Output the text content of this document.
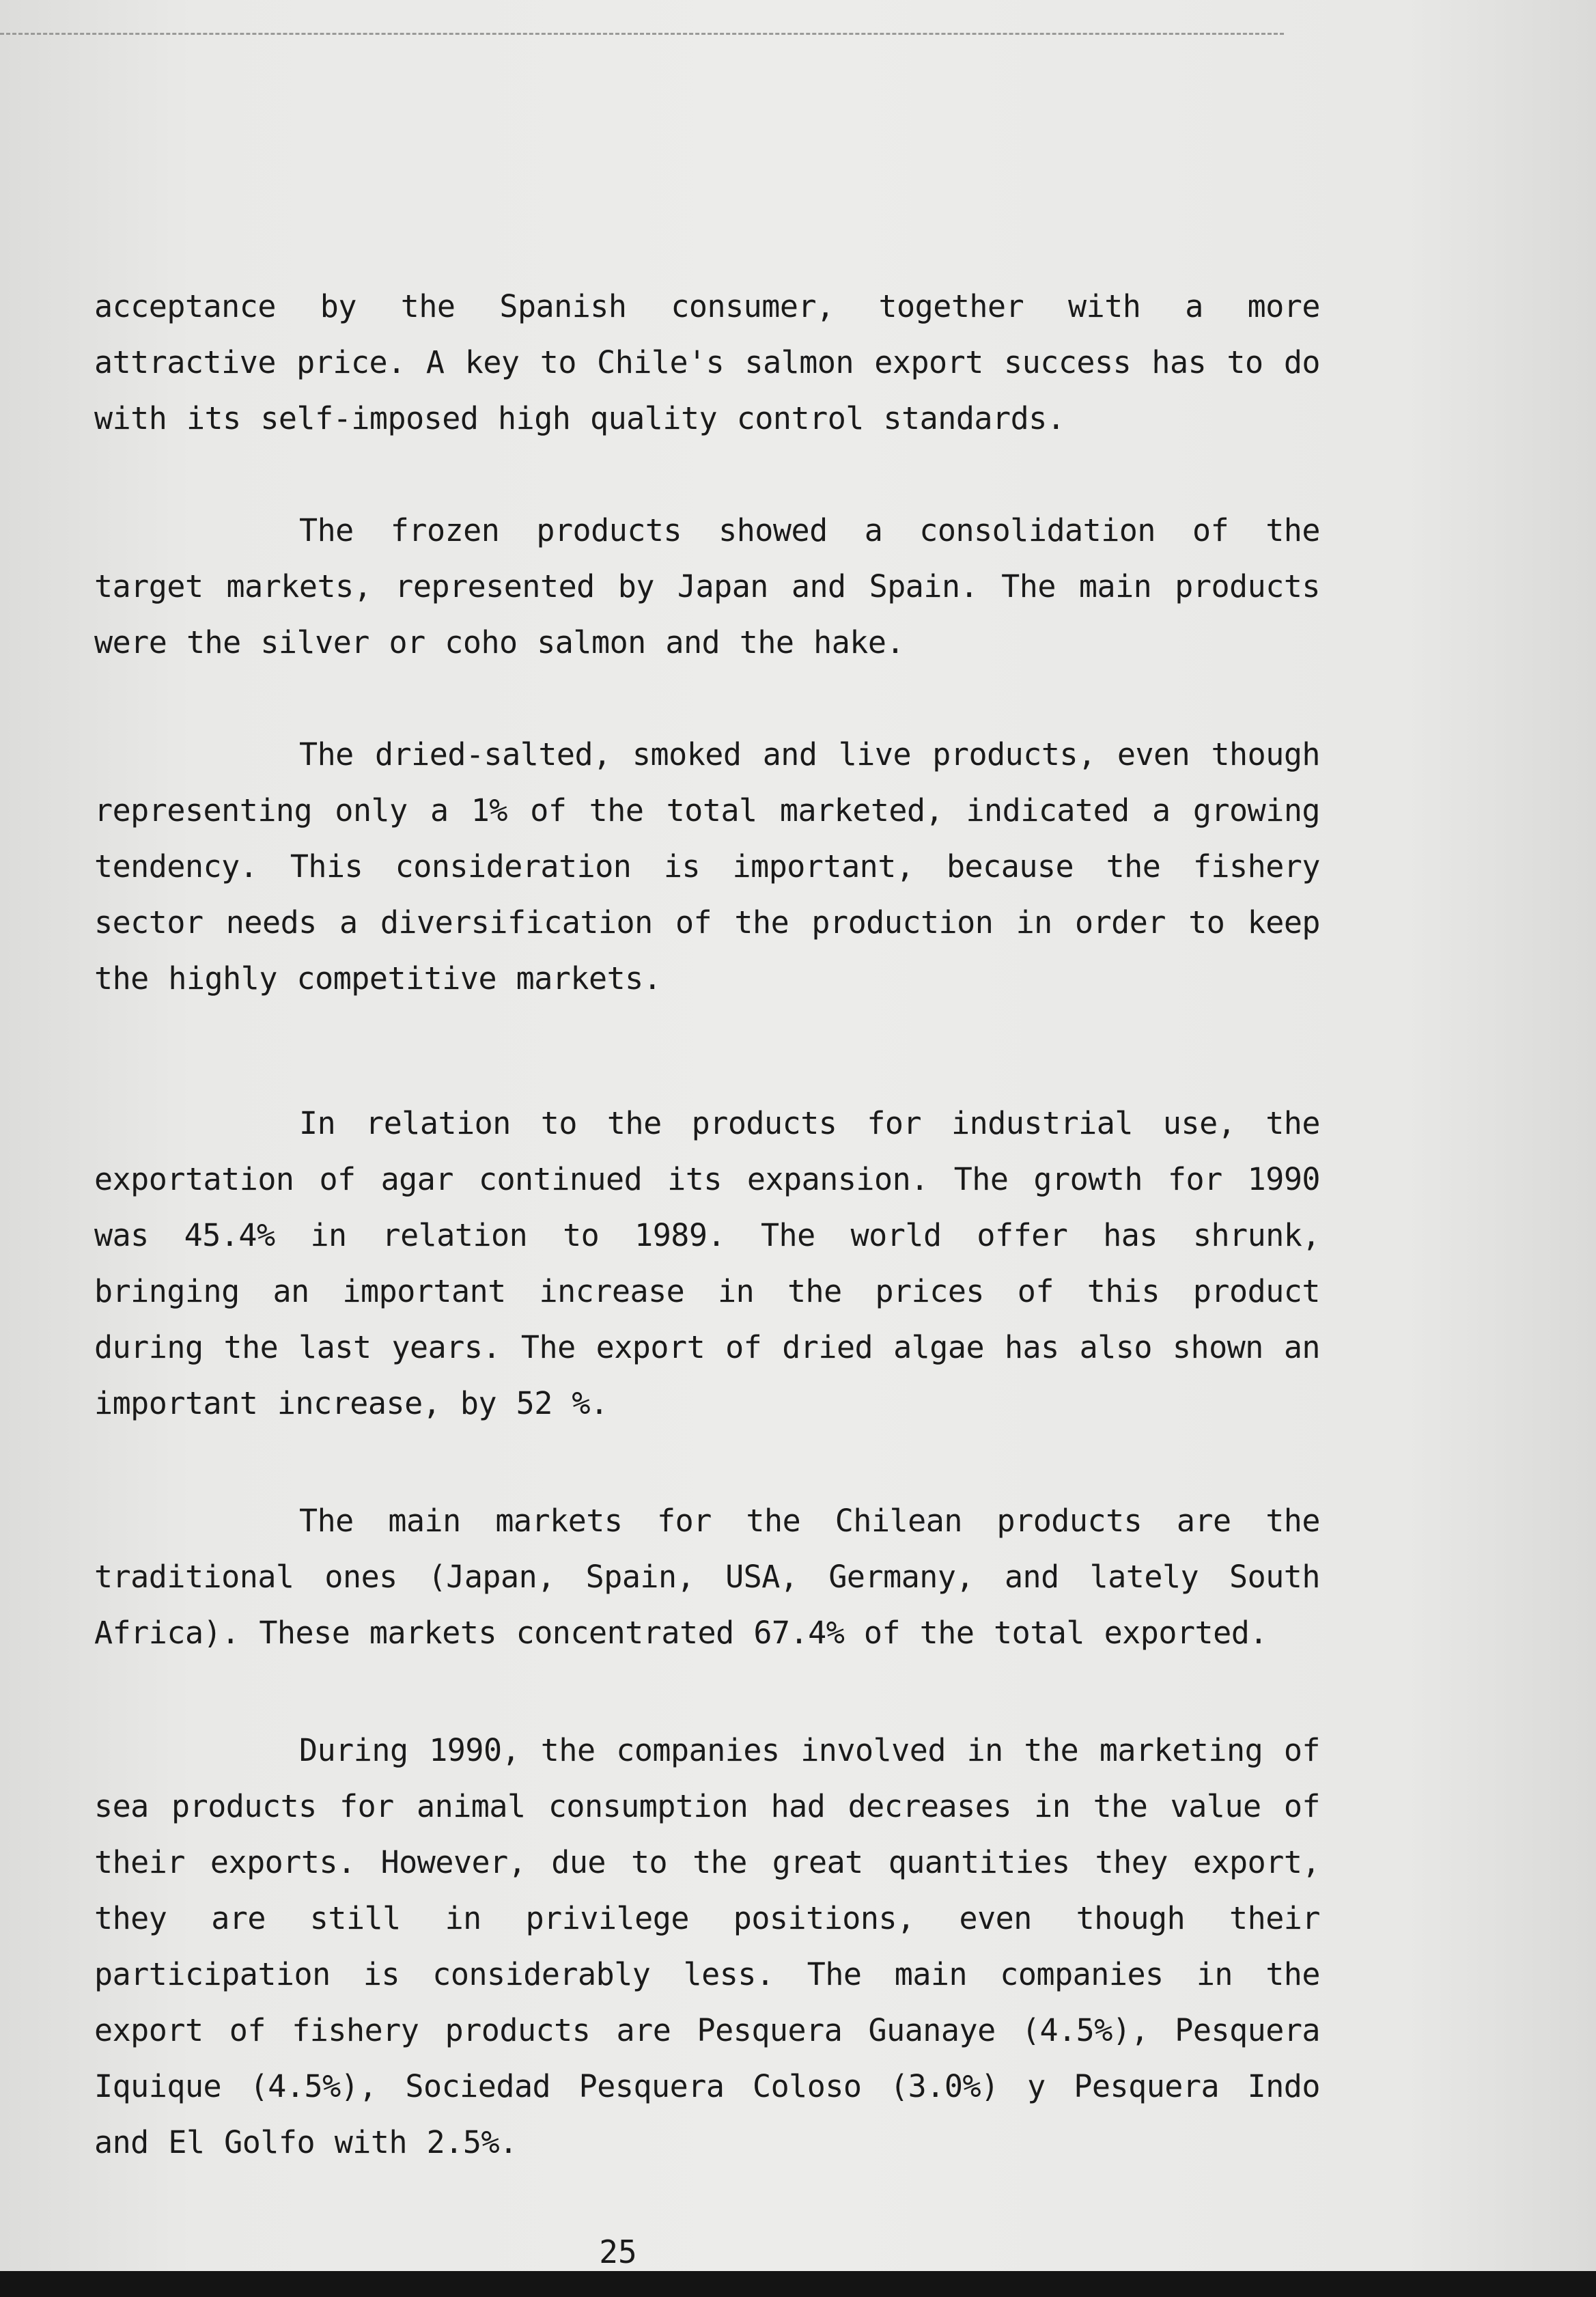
acceptance by the Spanish consumer, together with a more attractive price. A key to Chile's salmon export success has to do with its self-imposed high quality control standards.

The frozen products showed a consolidation of the target markets, represented by Japan and Spain. The main products were the silver or coho salmon and the hake.

The dried-salted, smoked and live products, even though representing only a 1% of the total marketed, indicated a growing tendency. This consideration is important, because the fishery sector needs a diversification of the production in order to keep the highly competitive markets.

In relation to the products for industrial use, the exportation of agar continued its expansion. The growth for 1990 was 45.4% in relation to 1989. The world offer has shrunk, bringing an important increase in the prices of this product during the last years. The export of dried algae has also shown an important increase, by 52 %.

The main markets for the Chilean products are the traditional ones (Japan, Spain, USA, Germany, and lately South Africa). These markets concentrated 67.4% of the total exported.

During 1990, the companies involved in the marketing of sea products for animal consumption had decreases in the value of their exports. However, due to the great quantities they export, they are still in privilege positions, even though their participation is considerably less. The main companies in the export of fishery products are Pesquera Guanaye (4.5%), Pesquera Iquique (4.5%), Sociedad Pesquera Coloso (3.0%) y Pesquera Indo and El Golfo with 2.5%.

25
